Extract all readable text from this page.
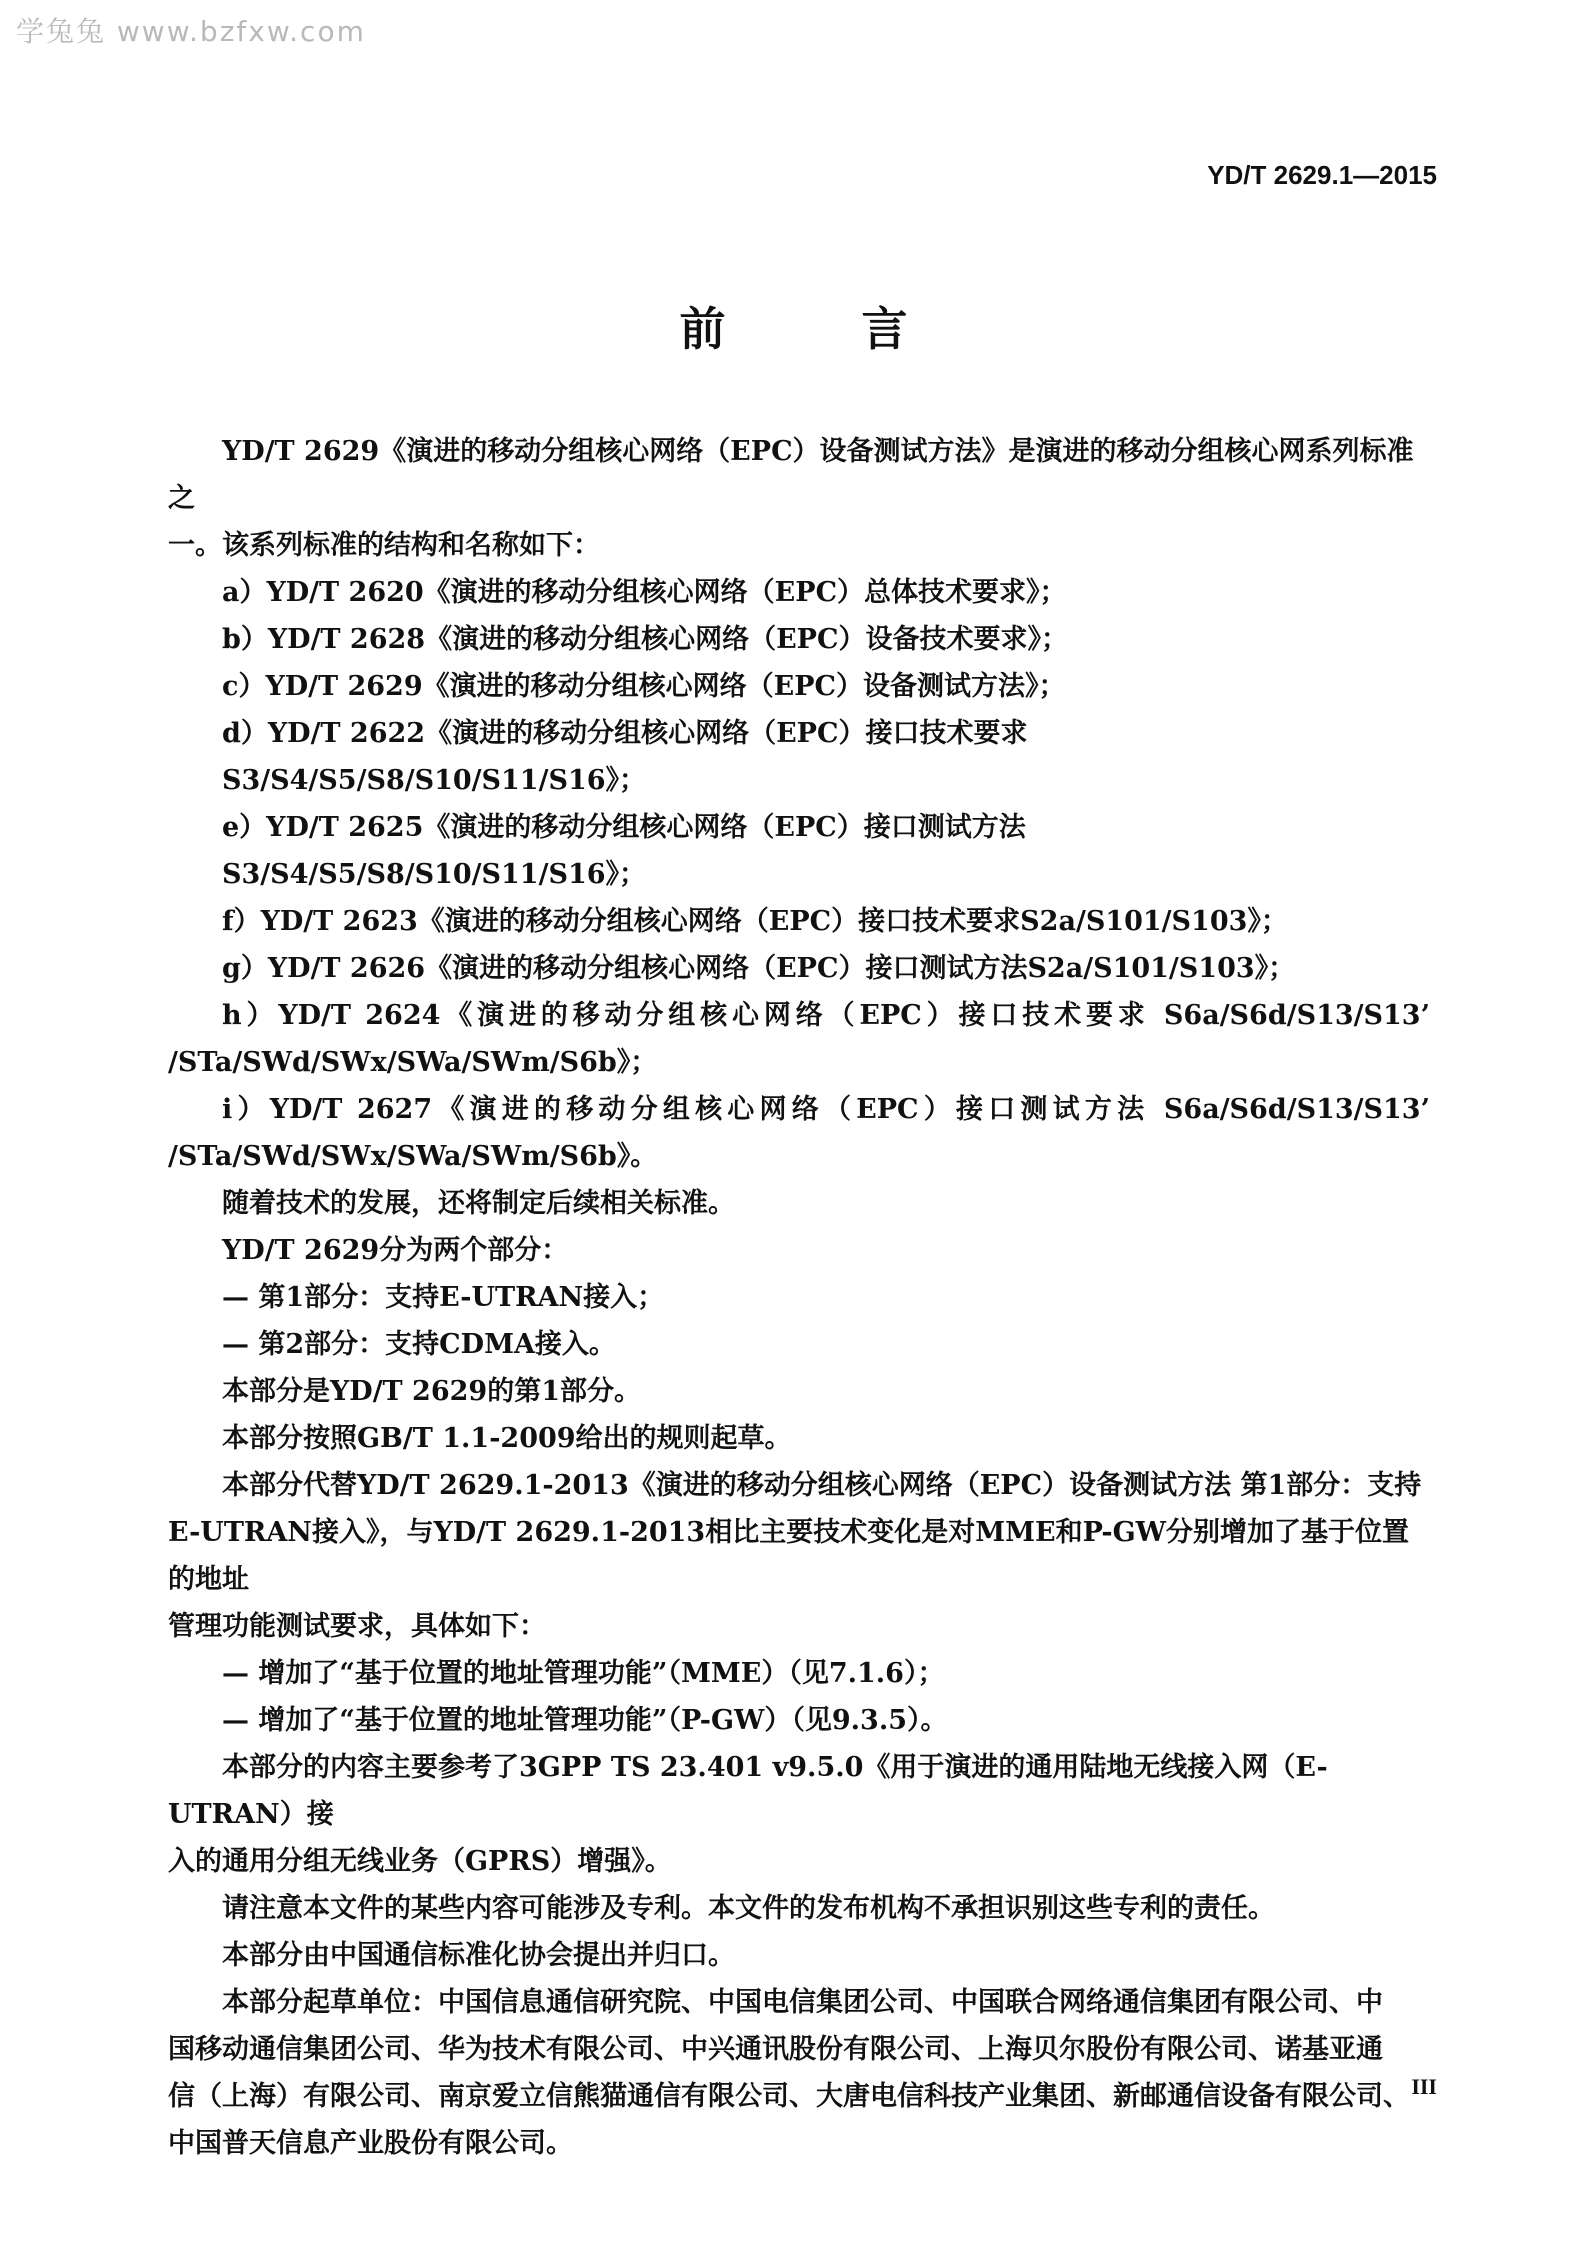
学兔兔 www.bzfxw.com
YD/T 2629.1—2015
前 言

YD/T 2629《演进的移动分组核心网络（EPC）设备测试方法》是演进的移动分组核心网系列标准之

一。该系列标准的结构和名称如下：

a）YD/T 2620《演进的移动分组核心网络（EPC）总体技术要求》；

b）YD/T 2628《演进的移动分组核心网络（EPC）设备技术要求》；

c）YD/T 2629《演进的移动分组核心网络（EPC）设备测试方法》；

d）YD/T 2622《演进的移动分组核心网络（EPC）接口技术要求 S3/S4/S5/S8/S10/S11/S16》；

e）YD/T 2625《演进的移动分组核心网络（EPC）接口测试方法 S3/S4/S5/S8/S10/S11/S16》；

f）YD/T 2623《演进的移动分组核心网络（EPC）接口技术要求S2a/S101/S103》；

g）YD/T 2626《演进的移动分组核心网络（EPC）接口测试方法S2a/S101/S103》；

h）YD/T 2624《演进的移动分组核心网络（EPC）接口技术要求 S6a/S6d/S13/S13’

/STa/SWd/SWx/SWa/SWm/S6b》；

i）YD/T 2627《演进的移动分组核心网络（EPC）接口测试方法 S6a/S6d/S13/S13’

/STa/SWd/SWx/SWa/SWm/S6b》。

随着技术的发展，还将制定后续相关标准。

YD/T 2629分为两个部分：

— 第1部分：支持E-UTRAN接入；

— 第2部分：支持CDMA接入。

本部分是YD/T 2629的第1部分。

本部分按照GB/T 1.1-2009给出的规则起草。

本部分代替YD/T 2629.1-2013《演进的移动分组核心网络（EPC）设备测试方法 第1部分：支持

E-UTRAN接入》，与YD/T 2629.1-2013相比主要技术变化是对MME和P-GW分别增加了基于位置的地址

管理功能测试要求，具体如下：

— 增加了“基于位置的地址管理功能”（MME）（见7.1.6）；

— 增加了“基于位置的地址管理功能”（P-GW）（见9.3.5）。

本部分的内容主要参考了3GPP TS 23.401 v9.5.0《用于演进的通用陆地无线接入网（E-UTRAN）接

入的通用分组无线业务（GPRS）增强》。

请注意本文件的某些内容可能涉及专利。本文件的发布机构不承担识别这些专利的责任。

本部分由中国通信标准化协会提出并归口。

本部分起草单位：中国信息通信研究院、中国电信集团公司、中国联合网络通信集团有限公司、中

国移动通信集团公司、华为技术有限公司、中兴通讯股份有限公司、上海贝尔股份有限公司、诺基亚通

信（上海）有限公司、南京爱立信熊猫通信有限公司、大唐电信科技产业集团、新邮通信设备有限公司、

中国普天信息产业股份有限公司。

III
